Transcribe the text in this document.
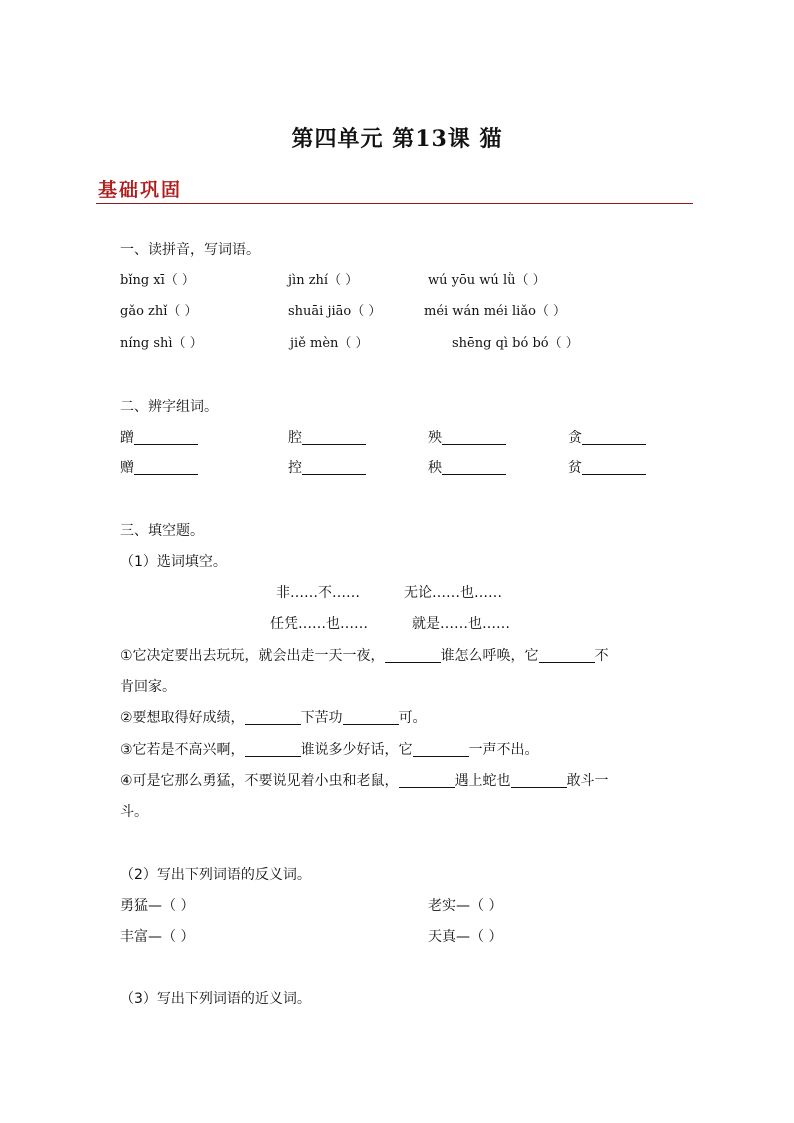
第四单元 第13课 猫
基础巩固
一、读拼音，写词语。
bǐng xī（ ）	jìn zhí（ ）	wú yōu wú lǜ（ ）
gǎo zhǐ（ ）	shuāi jiāo（ ）	méi wán méi liǎo（ ）
níng shì（ ）	jiě mèn（ ）	shēng qì bó bó（ ）
二、辨字组词。
蹭	腔	殃	贪
赠	控	秧	贫
三、填空题。
（1）选词填空。
非……不……	无论……也……
任凭……也……	就是……也……
①它决定要出去玩玩，就会出走一天一夜，	谁怎么呼唤，它	不
肯回家。
②要想取得好成绩，	下苦功	可。
③它若是不高兴啊，	谁说多少好话，它	一声不出。
④可是它那么勇猛，不要说见着小虫和老鼠，	遇上蛇也	敢斗一
斗。
（2）写出下列词语的反义词。
勇猛—（ ）	老实—（ ）
丰富—（ ）	天真—（ ）
（3）写出下列词语的近义词。
